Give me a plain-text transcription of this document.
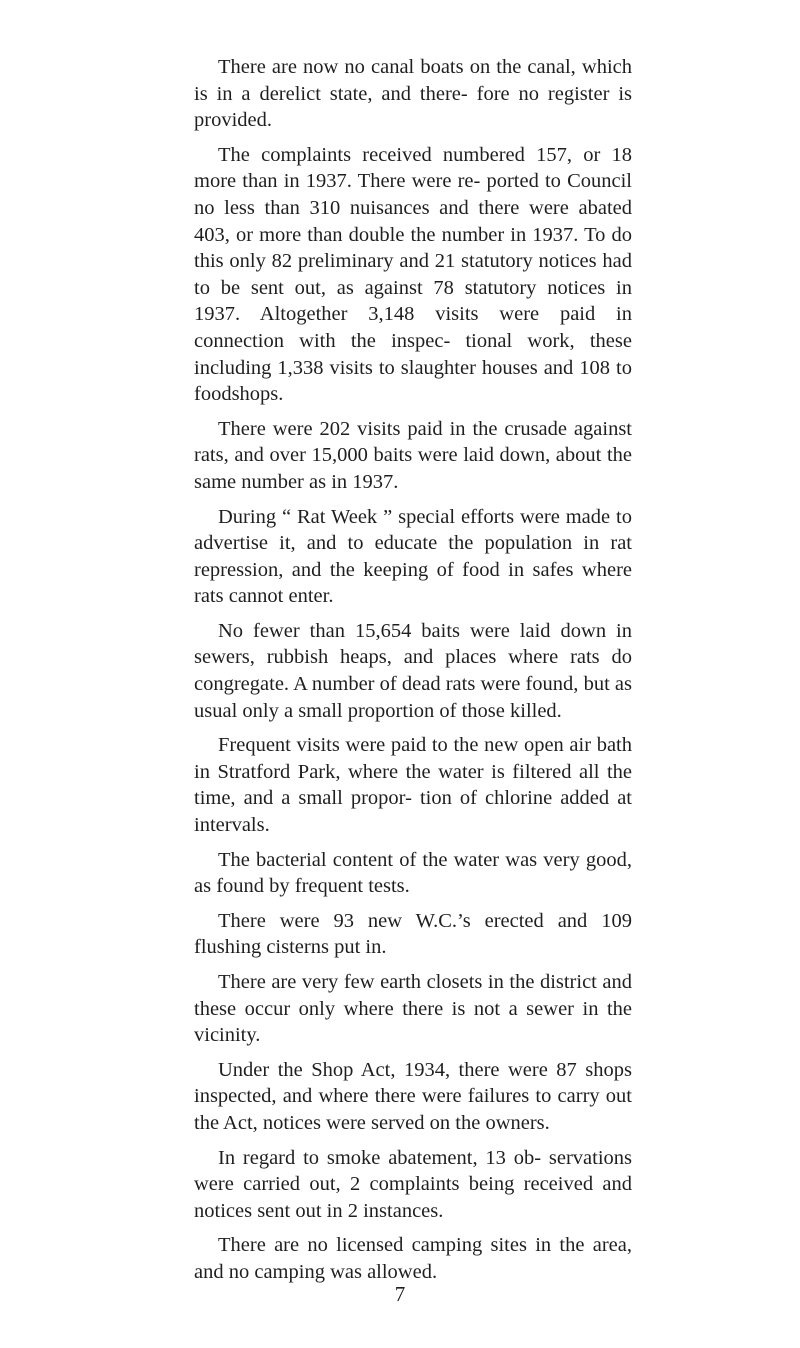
There are now no canal boats on the canal, which is in a derelict state, and there- fore no register is provided.

The complaints received numbered 157, or 18 more than in 1937. There were re- ported to Council no less than 310 nuisances and there were abated 403, or more than double the number in 1937. To do this only 82 preliminary and 21 statutory notices had to be sent out, as against 78 statutory notices in 1937. Altogether 3,148 visits were paid in connection with the inspec- tional work, these including 1,338 visits to slaughter houses and 108 to foodshops.

There were 202 visits paid in the crusade against rats, and over 15,000 baits were laid down, about the same number as in 1937.

During “ Rat Week ” special efforts were made to advertise it, and to educate the population in rat repression, and the keeping of food in safes where rats cannot enter.

No fewer than 15,654 baits were laid down in sewers, rubbish heaps, and places where rats do congregate. A number of dead rats were found, but as usual only a small proportion of those killed.

Frequent visits were paid to the new open air bath in Stratford Park, where the water is filtered all the time, and a small propor- tion of chlorine added at intervals.

The bacterial content of the water was very good, as found by frequent tests.

There were 93 new W.C.’s erected and 109 flushing cisterns put in.

There are very few earth closets in the district and these occur only where there is not a sewer in the vicinity.

Under the Shop Act, 1934, there were 87 shops inspected, and where there were failures to carry out the Act, notices were served on the owners.

In regard to smoke abatement, 13 ob- servations were carried out, 2 complaints being received and notices sent out in 2 instances.

There are no licensed camping sites in the area, and no camping was allowed.

7
